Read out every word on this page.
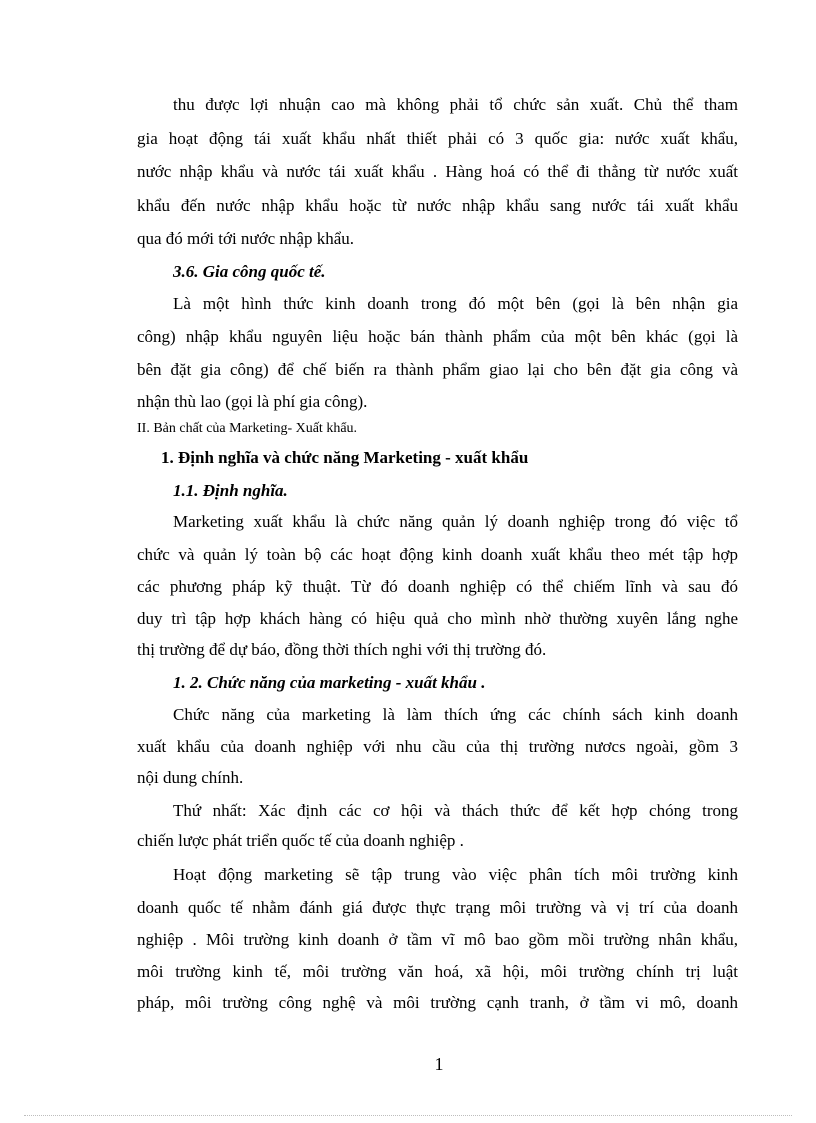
thu được lợi nhuận cao mà không phải tổ chức sản xuất. Chủ thể tham
gia hoạt động tái xuất khẩu nhất thiết phải có 3 quốc gia: nước xuất khẩu,
nước nhập khẩu và nước tái xuất khẩu . Hàng hoá có thể đi thẳng từ nước xuất
khẩu đến nước nhập khẩu hoặc từ nước nhập khẩu sang nước tái xuất khẩu
qua đó mới tới nước nhập khẩu.
3.6. Gia công quốc tế.
Là một hình thức kinh doanh trong đó một bên (gọi là bên nhận gia
công) nhập khẩu nguyên liệu hoặc bán thành phẩm của một bên khác (gọi là
bên đặt gia công) để chế biến ra thành phẩm giao lại cho bên đặt gia công và
nhận thù lao (gọi là phí gia công).
II. Bản chất của Marketing- Xuất khẩu.
1. Định nghĩa và chức năng Marketing - xuất khẩu
1.1. Định nghĩa.
Marketing xuất khẩu là chức năng quản lý doanh nghiệp trong đó việc tổ
chức và quản lý toàn bộ các hoạt động kinh doanh xuất khẩu theo mét tập hợp
các phương pháp kỹ thuật. Từ đó doanh nghiệp có thể chiếm lĩnh và sau đó
duy trì tập hợp khách hàng có hiệu quả cho mình nhờ thường xuyên lắng nghe
thị trường để dự báo, đồng thời thích nghi với thị trường đó.
1. 2. Chức năng của marketing - xuất khẩu .
Chức năng của marketing là làm thích ứng các chính sách kinh doanh
xuất khẩu của doanh nghiệp với nhu cầu của thị trường nươcs ngoài, gồm 3
nội dung chính.
Thứ nhất: Xác định các cơ hội và thách thức để kết hợp chóng trong
chiến lược phát triển quốc tế của doanh nghiệp .
Hoạt động marketing sẽ tập trung vào việc phân tích môi trường kinh
doanh quốc tế nhằm đánh giá được thực trạng môi trường và vị trí của doanh
nghiệp . Môi trường kinh doanh ở tầm vĩ mô bao gồm mồi trường nhân khẩu,
môi trường kinh tế, môi trường văn hoá, xã hội, môi trường chính trị luật
pháp, môi trường công nghệ và môi trường cạnh tranh, ở tầm vi mô, doanh
1
